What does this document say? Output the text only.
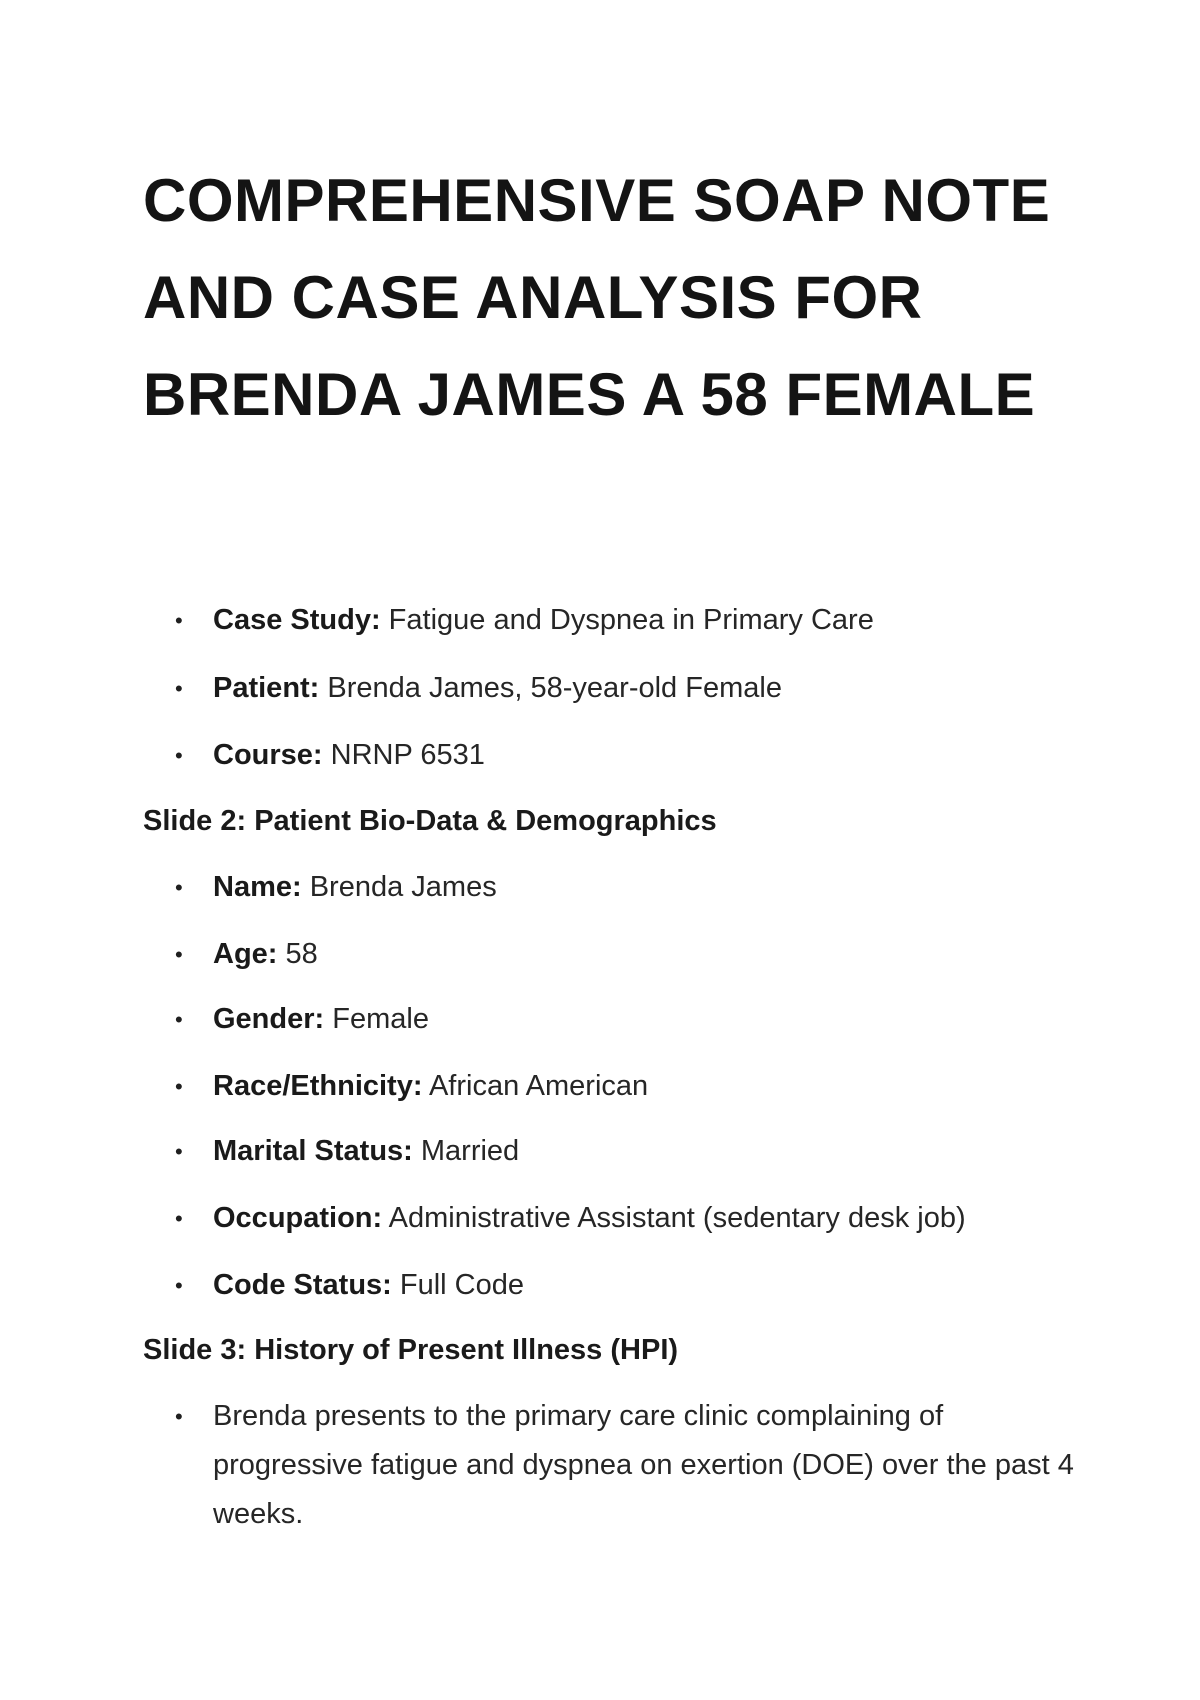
COMPREHENSIVE SOAP NOTE
AND CASE ANALYSIS FOR
BRENDA JAMES A 58 FEMALE
• Case Study: Fatigue and Dyspnea in Primary Care
• Patient: Brenda James, 58-year-old Female
• Course: NRNP 6531
Slide 2: Patient Bio-Data & Demographics
• Name: Brenda James
• Age: 58
• Gender: Female
• Race/Ethnicity: African American
• Marital Status: Married
• Occupation: Administrative Assistant (sedentary desk job)
• Code Status: Full Code
Slide 3: History of Present Illness (HPI)
• Brenda presents to the primary care clinic complaining of
progressive fatigue and dyspnea on exertion (DOE) over the past 4
weeks.
